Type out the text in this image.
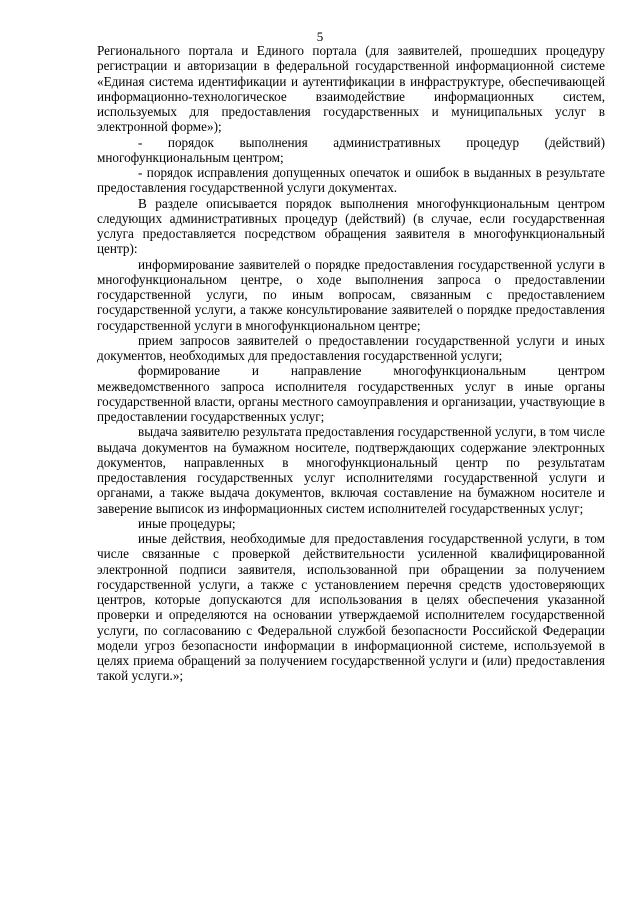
5

Регионального портала и Единого портала (для заявителей, прошедших процедуру регистрации и авторизации в федеральной государственной информационной системе «Единая система идентификации и аутентификации в инфраструктуре, обеспечивающей информационно-технологическое взаимодействие информационных систем, используемых для предоставления государственных и муниципальных услуг в электронной форме»);

- порядок выполнения административных процедур (действий) многофункциональным центром;

- порядок исправления допущенных опечаток и ошибок в выданных в результате предоставления государственной услуги документах.

В разделе описывается порядок выполнения многофункциональным центром следующих административных процедур (действий) (в случае, если государственная услуга предоставляется посредством обращения заявителя в многофункциональный центр):

информирование заявителей о порядке предоставления государственной услуги в многофункциональном центре, о ходе выполнения запроса о предоставлении государственной услуги, по иным вопросам, связанным с предоставлением государственной услуги, а также консультирование заявителей о порядке предоставления государственной услуги в многофункциональном центре;

прием запросов заявителей о предоставлении государственной услуги и иных документов, необходимых для предоставления государственной услуги;

формирование и направление многофункциональным центром межведомственного запроса исполнителя государственных услуг в иные органы государственной власти, органы местного самоуправления и организации, участвующие в предоставлении государственных услуг;

выдача заявителю результата предоставления государственной услуги, в том числе выдача документов на бумажном носителе, подтверждающих содержание электронных документов, направленных в многофункциональный центр по результатам предоставления государственных услуг исполнителями государственной услуги и органами, а также выдача документов, включая составление на бумажном носителе и заверение выписок из информационных систем исполнителей государственных услуг;

иные процедуры;

иные действия, необходимые для предоставления государственной услуги, в том числе связанные с проверкой действительности усиленной квалифицированной электронной подписи заявителя, использованной при обращении за получением государственной услуги, а также с установлением перечня средств удостоверяющих центров, которые допускаются для использования в целях обеспечения указанной проверки и определяются на основании утверждаемой исполнителем государственной услуги, по согласованию с Федеральной службой безопасности Российской Федерации модели угроз безопасности информации в информационной системе, используемой в целях приема обращений за получением государственной услуги и (или) предоставления такой услуги.»;
